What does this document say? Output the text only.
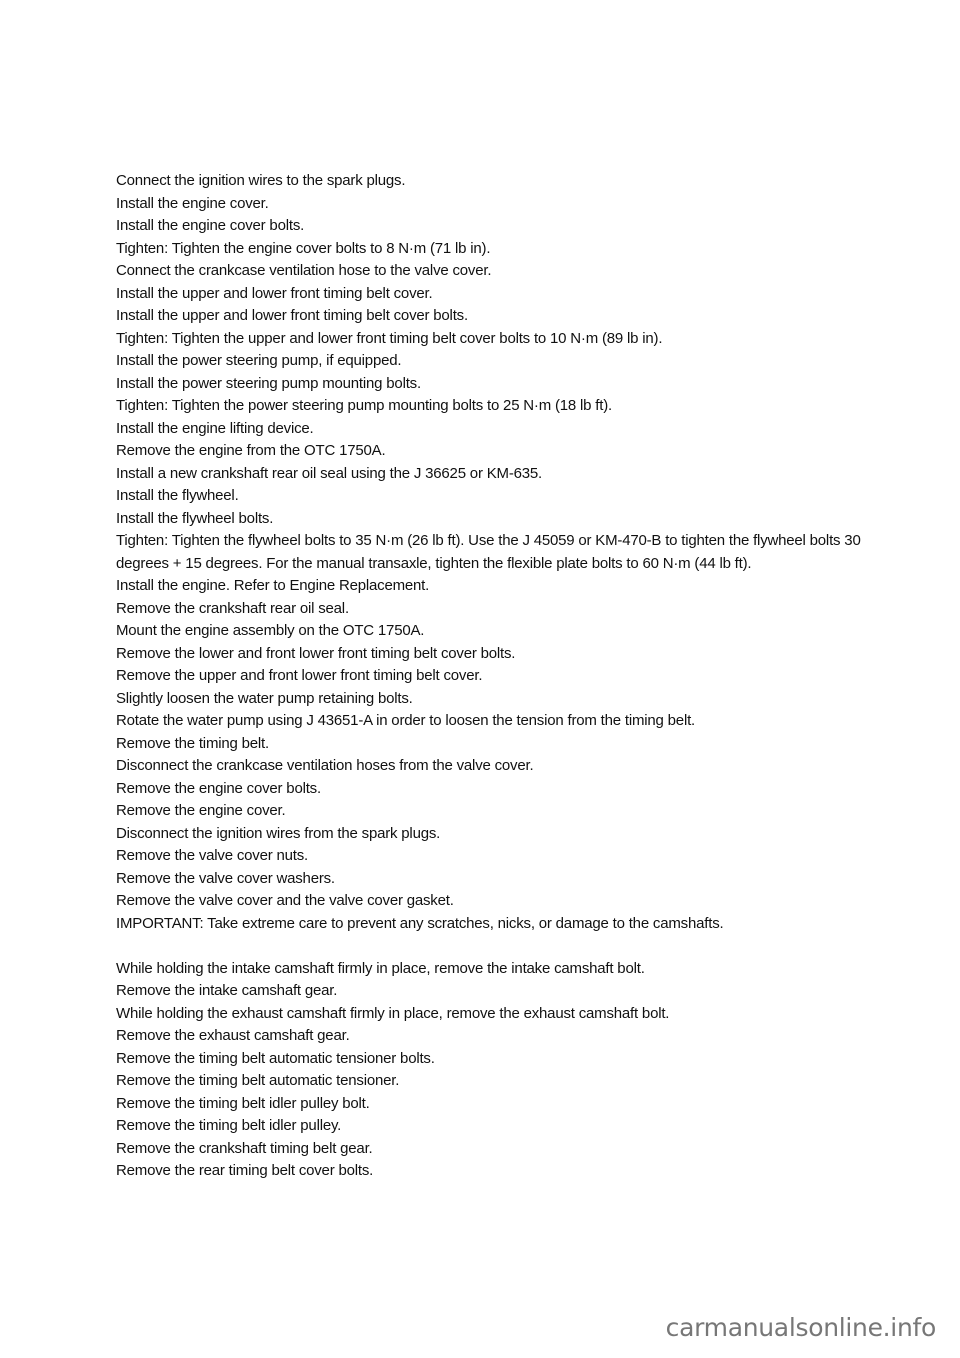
Connect the ignition wires to the spark plugs.
Install the engine cover.
Install the engine cover bolts.
Tighten: Tighten the engine cover bolts to 8 N·m (71 lb in).
Connect the crankcase ventilation hose to the valve cover.
Install the upper and lower front timing belt cover.
Install the upper and lower front timing belt cover bolts.
Tighten: Tighten the upper and lower front timing belt cover bolts to 10 N·m (89 lb in).
Install the power steering pump, if equipped.
Install the power steering pump mounting bolts.
Tighten: Tighten the power steering pump mounting bolts to 25 N·m (18 lb ft).
Install the engine lifting device.
Remove the engine from the OTC 1750A.
Install a new crankshaft rear oil seal using the J 36625 or KM-635.
Install the flywheel.
Install the flywheel bolts.
Tighten: Tighten the flywheel bolts to 35 N·m (26 lb ft). Use the J 45059 or KM-470-B to tighten the flywheel bolts 30 degrees + 15 degrees. For the manual transaxle, tighten the flexible plate bolts to 60 N·m (44 lb ft).
Install the engine. Refer to Engine Replacement.
Remove the crankshaft rear oil seal.
Mount the engine assembly on the OTC 1750A.
Remove the lower and front lower front timing belt cover bolts.
Remove the upper and front lower front timing belt cover.
Slightly loosen the water pump retaining bolts.
Rotate the water pump using J 43651-A in order to loosen the tension from the timing belt.
Remove the timing belt.
Disconnect the crankcase ventilation hoses from the valve cover.
Remove the engine cover bolts.
Remove the engine cover.
Disconnect the ignition wires from the spark plugs.
Remove the valve cover nuts.
Remove the valve cover washers.
Remove the valve cover and the valve cover gasket.
IMPORTANT: Take extreme care to prevent any scratches, nicks, or damage to the camshafts.
While holding the intake camshaft firmly in place, remove the intake camshaft bolt.
Remove the intake camshaft gear.
While holding the exhaust camshaft firmly in place, remove the exhaust camshaft bolt.
Remove the exhaust camshaft gear.
Remove the timing belt automatic tensioner bolts.
Remove the timing belt automatic tensioner.
Remove the timing belt idler pulley bolt.
Remove the timing belt idler pulley.
Remove the crankshaft timing belt gear.
Remove the rear timing belt cover bolts.
carmanualsonline.info
